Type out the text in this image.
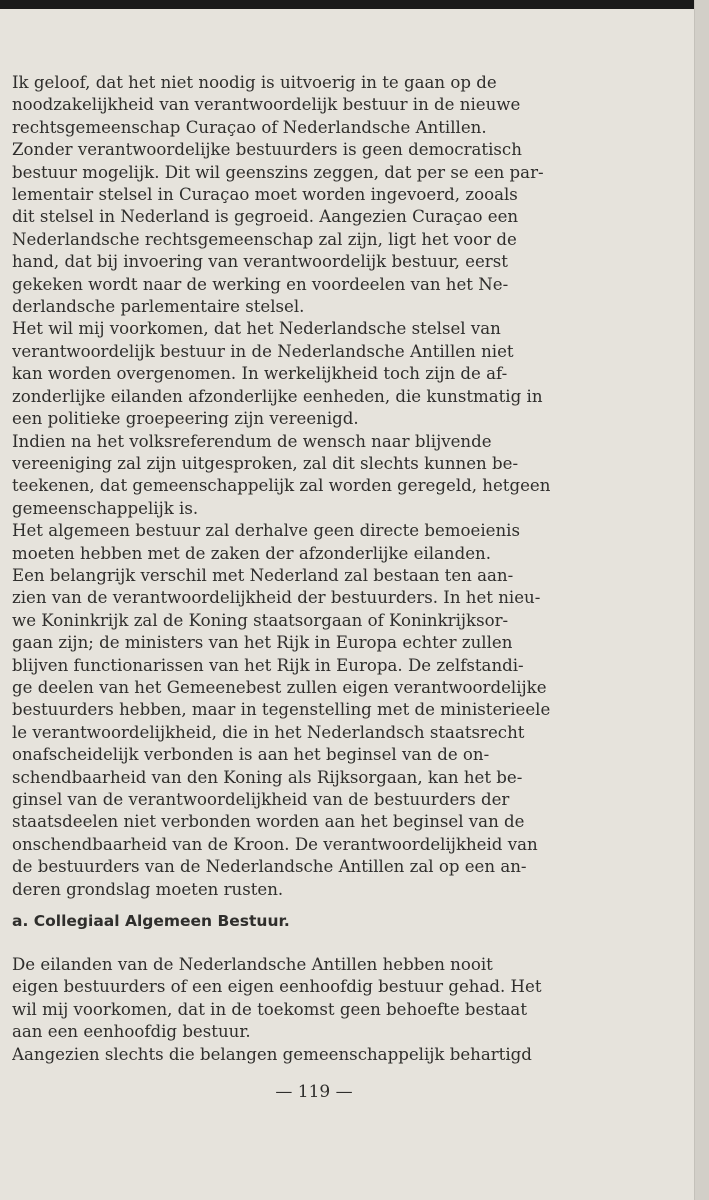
Ik geloof, dat het niet noodig is uitvoerig in te gaan op de
noodzakelijkheid van verantwoordelijk bestuur in de nieuwe
rechtsgemeenschap Curaçao of Nederlandsche Antillen.
Zonder verantwoordelijke bestuurders is geen democratisch
bestuur mogelijk. Dit wil geenszins zeggen, dat per se een par-
lementair stelsel in Curaçao moet worden ingevoerd, zooals
dit stelsel in Nederland is gegroeid. Aangezien Curaçao een
Nederlandsche rechtsgemeenschap zal zijn, ligt het voor de
hand, dat bij invoering van verantwoordelijk bestuur, eerst
gekeken wordt naar de werking en voordeelen van het Ne-
derlandsche parlementaire stelsel.
Het wil mij voorkomen, dat het Nederlandsche stelsel van
verantwoordelijk bestuur in de Nederlandsche Antillen niet
kan worden overgenomen. In werkelijkheid toch zijn de af-
zonderlijke eilanden afzonderlijke eenheden, die kunstmatig in
een politieke groepeering zijn vereenigd.
Indien na het volksreferendum de wensch naar blijvende
vereeniging zal zijn uitgesproken, zal dit slechts kunnen be-
teekenen, dat gemeenschappelijk zal worden geregeld, hetgeen
gemeenschappelijk is.
Het algemeen bestuur zal derhalve geen directe bemoeienis
moeten hebben met de zaken der afzonderlijke eilanden.
Een belangrijk verschil met Nederland zal bestaan ten aan-
zien van de verantwoordelijkheid der bestuurders. In het nieu-
we Koninkrijk zal de Koning staatsorgaan of Koninkrijksor-
gaan zijn; de ministers van het Rijk in Europa echter zullen
blijven functionarissen van het Rijk in Europa. De zelfstandi-
ge deelen van het Gemeenebest zullen eigen verantwoordelijke
bestuurders hebben, maar in tegenstelling met de ministerieele
le verantwoordelijkheid, die in het Nederlandsch staatsrecht
onafscheidelijk verbonden is aan het beginsel van de on-
schendbaarheid van den Koning als Rijksorgaan, kan het be-
ginsel van de verantwoordelijkheid van de bestuurders der
staatsdeelen niet verbonden worden aan het beginsel van de
onschendbaarheid van de Kroon. De verantwoordelijkheid van
de bestuurders van de Nederlandsche Antillen zal op een an-
deren grondslag moeten rusten.
a. Collegiaal Algemeen Bestuur.
De eilanden van de Nederlandsche Antillen hebben nooit
eigen bestuurders of een eigen eenhoofdig bestuur gehad. Het
wil mij voorkomen, dat in de toekomst geen behoefte bestaat
aan een eenhoofdig bestuur.
Aangezien slechts die belangen gemeenschappelijk behartigd
— 119 —
